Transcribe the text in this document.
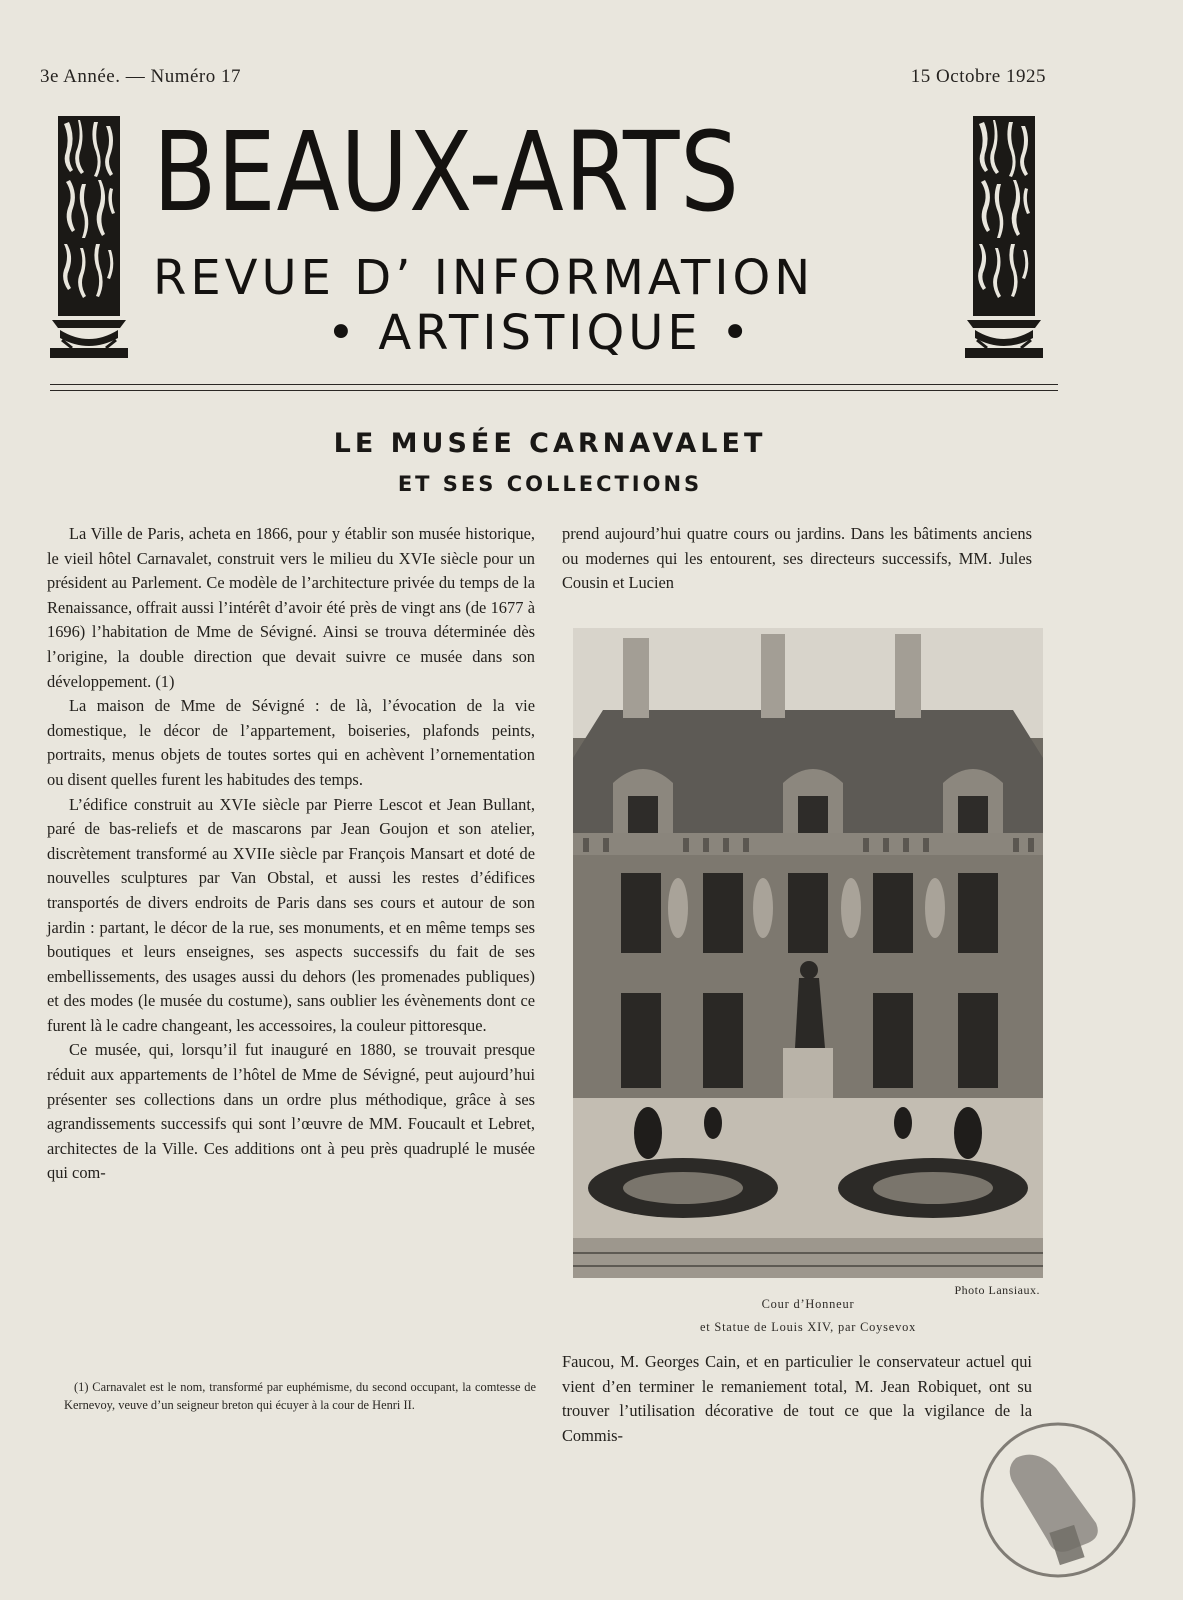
3e Année. — Numéro 17	15 Octobre 1925
BEAUX-ARTS
REVUE D’ INFORMATION
• ARTISTIQUE •
LE MUSÉE CARNAVALET
ET SES COLLECTIONS

La Ville de Paris, acheta en 1866, pour y établir son musée historique, le vieil hôtel Carnavalet, construit vers le milieu du XVIe siècle pour un président au Parlement. Ce modèle de l’architecture privée du temps de la Renaissance, offrait aussi l’intérêt d’avoir été près de vingt ans (de 1677 à 1696) l’habitation de Mme de Sévigné. Ainsi se trouva déterminée dès l’origine, la double direction que devait suivre ce musée dans son développement. (1)

La maison de Mme de Sévigné : de là, l’évocation de la vie domestique, le décor de l’appartement, boiseries, plafonds peints, portraits, menus objets de toutes sortes qui en achèvent l’ornementation ou disent quelles furent les habitudes des temps.

L’édifice construit au XVIe siècle par Pierre Lescot et Jean Bullant, paré de bas-reliefs et de mascarons par Jean Goujon et son atelier, discrètement transformé au XVIIe siècle par François Mansart et doté de nouvelles sculptures par Van Obstal, et aussi les restes d’édifices transportés de divers endroits de Paris dans ses cours et autour de son jardin : partant, le décor de la rue, ses monuments, et en même temps ses boutiques et leurs enseignes, ses aspects successifs du fait de ses embellissements, des usages aussi du dehors (les promenades publiques) et des modes (le musée du costume), sans oublier les évènements dont ce furent là le cadre changeant, les accessoires, la couleur pittoresque.

Ce musée, qui, lorsqu’il fut inauguré en 1880, se trouvait presque réduit aux appartements de l’hôtel de Mme de Sévigné, peut aujourd’hui présenter ses collections dans un ordre plus méthodique, grâce à ses agrandissements successifs qui sont l’œuvre de MM. Foucault et Lebret, architectes de la Ville. Ces additions ont à peu près quadruplé le musée qui com-

prend aujourd’hui quatre cours ou jardins. Dans les bâtiments anciens ou modernes qui les entourent, ses directeurs successifs, MM. Jules Cousin et Lucien

Photo Lansiaux.
Cour d’Honneur
et Statue de Louis XIV, par Coysevox

Faucou, M. Georges Cain, et en particulier le conservateur actuel qui vient d’en terminer le remaniement total, M. Jean Robiquet, ont su trouver l’utilisation décorative de tout ce que la vigilance de la Commis-

(1) Carnavalet est le nom, transformé par euphémisme, du second occupant, la comtesse de Kernevoy, veuve d’un seigneur breton qui écuyer à la cour de Henri II.
